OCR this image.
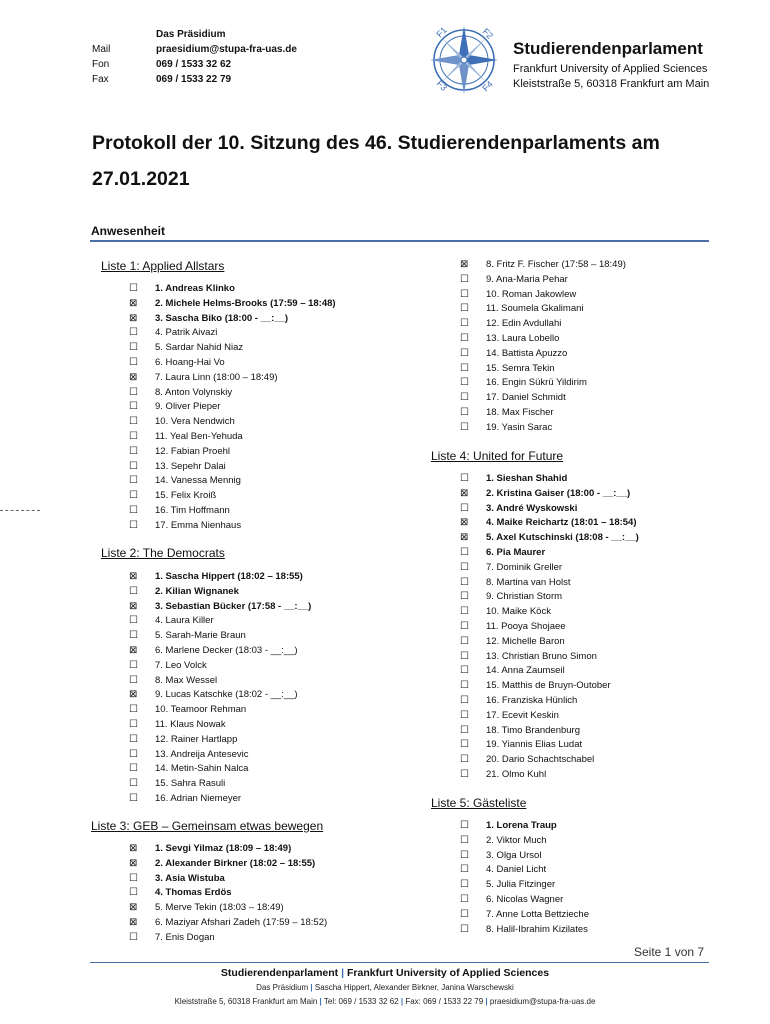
Das Präsidium
Mail	praesidium@stupa-fra-uas.de
Fon	069 / 1533 32 62
Fax	069 / 1533 22 79
F1	F2
F3	F4
Studierendenparlament
Frankfurt University of Applied Sciences
Kleiststraße 5, 60318 Frankfurt am Main
Protokoll der 10. Sitzung des 46. Studierendenparlaments am 27.01.2021
Anwesenheit
Liste 1: Applied Allstars
☐ 1. Andreas Klinko
⊠ 2. Michele Helms-Brooks (17:59 – 18:48)
⊠ 3. Sascha Biko (18:00 - __:__)
☐ 4. Patrik Aivazi
☐ 5. Sardar Nahid Niaz
☐ 6. Hoang-Hai Vo
⊠ 7. Laura Linn (18:00 – 18:49)
☐ 8. Anton Volynskiy
☐ 9. Oliver Pieper
☐ 10. Vera Nendwich
☐ 11. Yeal Ben-Yehuda
☐ 12. Fabian Proehl
☐ 13. Sepehr Dalai
☐ 14. Vanessa Mennig
☐ 15. Felix Kroiß
☐ 16. Tim Hoffmann
☐ 17. Emma Nienhaus
Liste 2: The Democrats
⊠ 1. Sascha Hippert (18:02 – 18:55)
☐ 2. Kilian Wignanek
⊠ 3. Sebastian Bücker (17:58 - __:__)
☐ 4. Laura Killer
☐ 5. Sarah-Marie Braun
⊠ 6. Marlene Decker (18:03 - __:__)
☐ 7. Leo Volck
☐ 8. Max Wessel
⊠ 9. Lucas Katschke (18:02 - __:__)
☐ 10. Teamoor Rehman
☐ 11. Klaus Nowak
☐ 12. Rainer Hartlapp
☐ 13. Andreija Antesevic
☐ 14. Metin-Sahin Nalca
☐ 15. Sahra Rasuli
☐ 16. Adrian Niemeyer
Liste 3: GEB – Gemeinsam etwas bewegen
⊠ 1. Sevgi Yilmaz (18:09 – 18:49)
⊠ 2. Alexander Birkner (18:02 – 18:55)
☐ 3. Asia Wistuba
☐ 4. Thomas Erdös
⊠ 5. Merve Tekin (18:03 – 18:49)
⊠ 6. Maziyar Afshari Zadeh (17:59 – 18:52)
☐ 7. Enis Dogan
⊠ 8. Fritz F. Fischer (17:58 – 18:49)
☐ 9. Ana-Maria Pehar
☐ 10. Roman Jakowlew
☐ 11. Soumela Gkalimani
☐ 12. Edin Avdullahi
☐ 13. Laura Lobello
☐ 14. Battista Apuzzo
☐ 15. Semra Tekin
☐ 16. Engin Sükrü Yildirim
☐ 17. Daniel Schmidt
☐ 18. Max Fischer
☐ 19. Yasin Sarac
Liste 4: United for Future
☐ 1. Sieshan Shahid
⊠ 2. Kristina Gaiser (18:00 - __:__)
☐ 3. André Wyskowski
⊠ 4. Maike Reichartz (18:01 – 18:54)
⊠ 5. Axel Kutschinski (18:08 - __:__)
☐ 6. Pia Maurer
☐ 7. Dominik Greller
☐ 8. Martina van Holst
☐ 9. Christian Storm
☐ 10. Maike Köck
☐ 11. Pooya Shojaee
☐ 12. Michelle Baron
☐ 13. Christian Bruno Simon
☐ 14. Anna Zaumseil
☐ 15. Matthis de Bruyn-Outober
☐ 16. Franziska Hünlich
☐ 17. Ecevit Keskin
☐ 18. Timo Brandenburg
☐ 19. Yiannis Elias Ludat
☐ 20. Dario Schachtschabel
☐ 21. Olmo Kuhl
Liste 5: Gästeliste
☐ 1. Lorena Traup
☐ 2. Viktor Much
☐ 3. Olga Ursol
☐ 4. Daniel Licht
☐ 5. Julia Fitzinger
☐ 6. Nicolas Wagner
☐ 7. Anne Lotta Bettzieche
☐ 8. Halil-Ibrahim Kizilates
Seite 1 von 7
Studierendenparlament | Frankfurt University of Applied Sciences
Das Präsidium | Sascha Hippert, Alexander Birkner, Janina Warschewski
Kleiststraße 5, 60318 Frankfurt am Main | Tel: 069 / 1533 32 62 | Fax: 069 / 1533 22 79 | praesidium@stupa-fra-uas.de
